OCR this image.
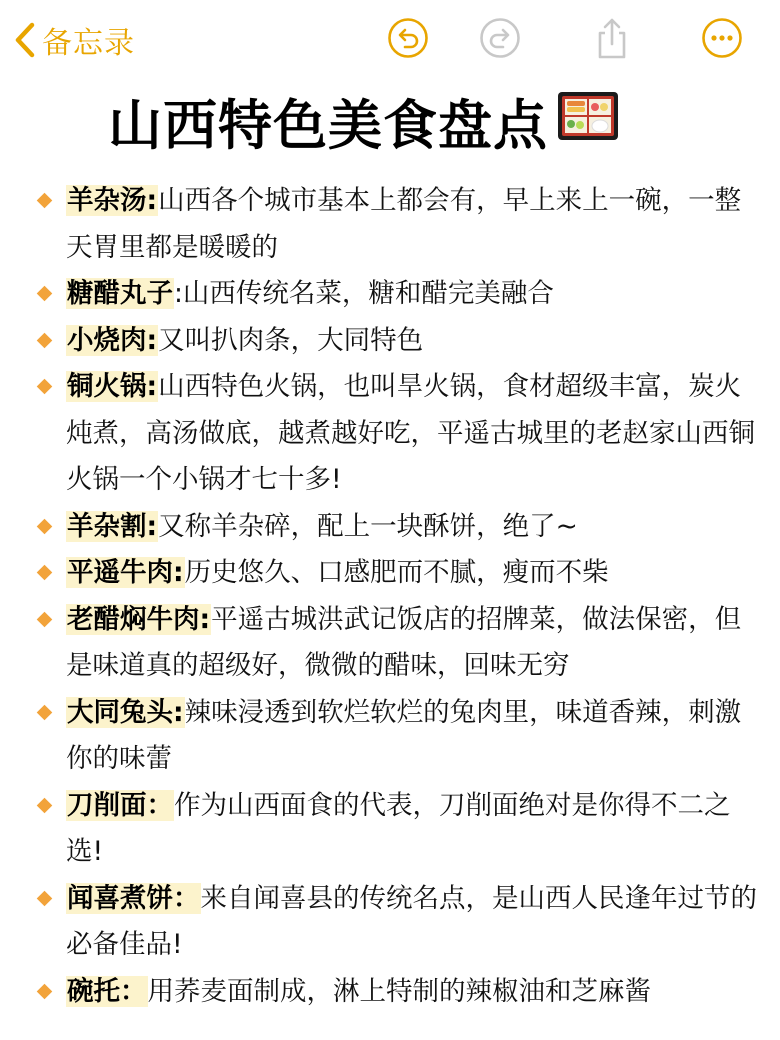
备忘录
山西特色美食盘点

羊杂汤:山西各个城市基本上都会有，早上来上一碗，一整天胃里都是暖暖的

糖醋丸子:山西传统名菜，糖和醋完美融合

小烧肉:又叫扒肉条，大同特色

铜火锅:山西特色火锅，也叫旱火锅，食材超级丰富，炭火炖煮，高汤做底，越煮越好吃，平遥古城里的老赵家山西铜火锅一个小锅才七十多!

羊杂割:又称羊杂碎，配上一块酥饼，绝了~

平遥牛肉:历史悠久、口感肥而不腻，瘦而不柴

老醋焖牛肉:平遥古城洪武记饭店的招牌菜，做法保密，但是味道真的超级好，微微的醋味，回味无穷

大同兔头:辣味浸透到软烂软烂的兔肉里，味道香辣，刺激你的味蕾

刀削面：作为山西面食的代表，刀削面绝对是你得不二之选!

闻喜煮饼：来自闻喜县的传统名点，是山西人民逢年过节的必备佳品!

碗托：用荞麦面制成，淋上特制的辣椒油和芝麻酱
